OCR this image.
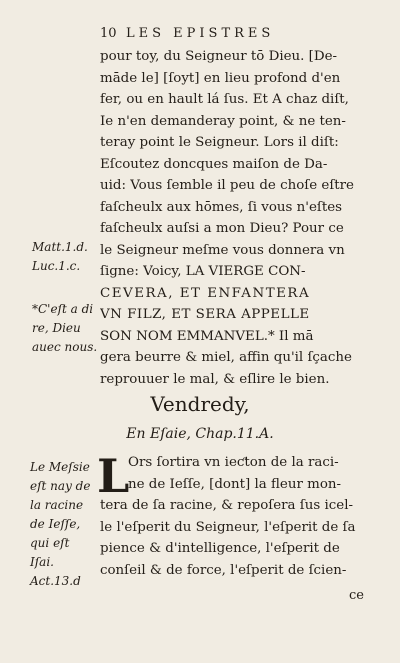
10 LES EPISTRES
pour toy, du Seigneur tō Dieu. [De-
māde le] [ſoyt] en lieu profond d'en
fer, ou en hault lá ſus. Et A chaz diſt,
Ie n'en demanderay point, & ne ten-
teray point le Seigneur. Lors il diſt:
Eſcoutez doncques maiſon de Da-
uid: Vous ſemble il peu de choſe eſtre
faſcheulx aux hōmes, ſi vous n'eſtes
faſcheulx auſsi a mon Dieu? Pour ce
le Seigneur meſme vous donnera vn
ſigne: Voicy, LA VIERGE CON-
CEVERA, ET ENFANTERA
VN FILZ, ET SERA APPELLE
SON NOM EMMANVEL.* Il mā
gera beurre & miel, affin qu'il ſçache
reprouuer le mal, & eſlire le bien.
Matt.1.d.
Luc.1.c.
*C'eſt a di
re, Dieu
auec nous.
Vendredy,
En Eſaie, Chap.11.A.
L
Ors ſortira vn ieƈton de la raci-
ne de Ieſſe, [dont] la fleur mon-
tera de ſa racine, & repoſera ſus icel-
le l'eſperit du Seigneur, l'eſperit de ſa
pience & d'intelligence, l'eſperit de
conſeil & de force, l'eſperit de ſcien-
Le Meſsie
eſt nay de
la racine
de Ieſſe,
qui eſt
Iſai.
Act.13.d
ce
